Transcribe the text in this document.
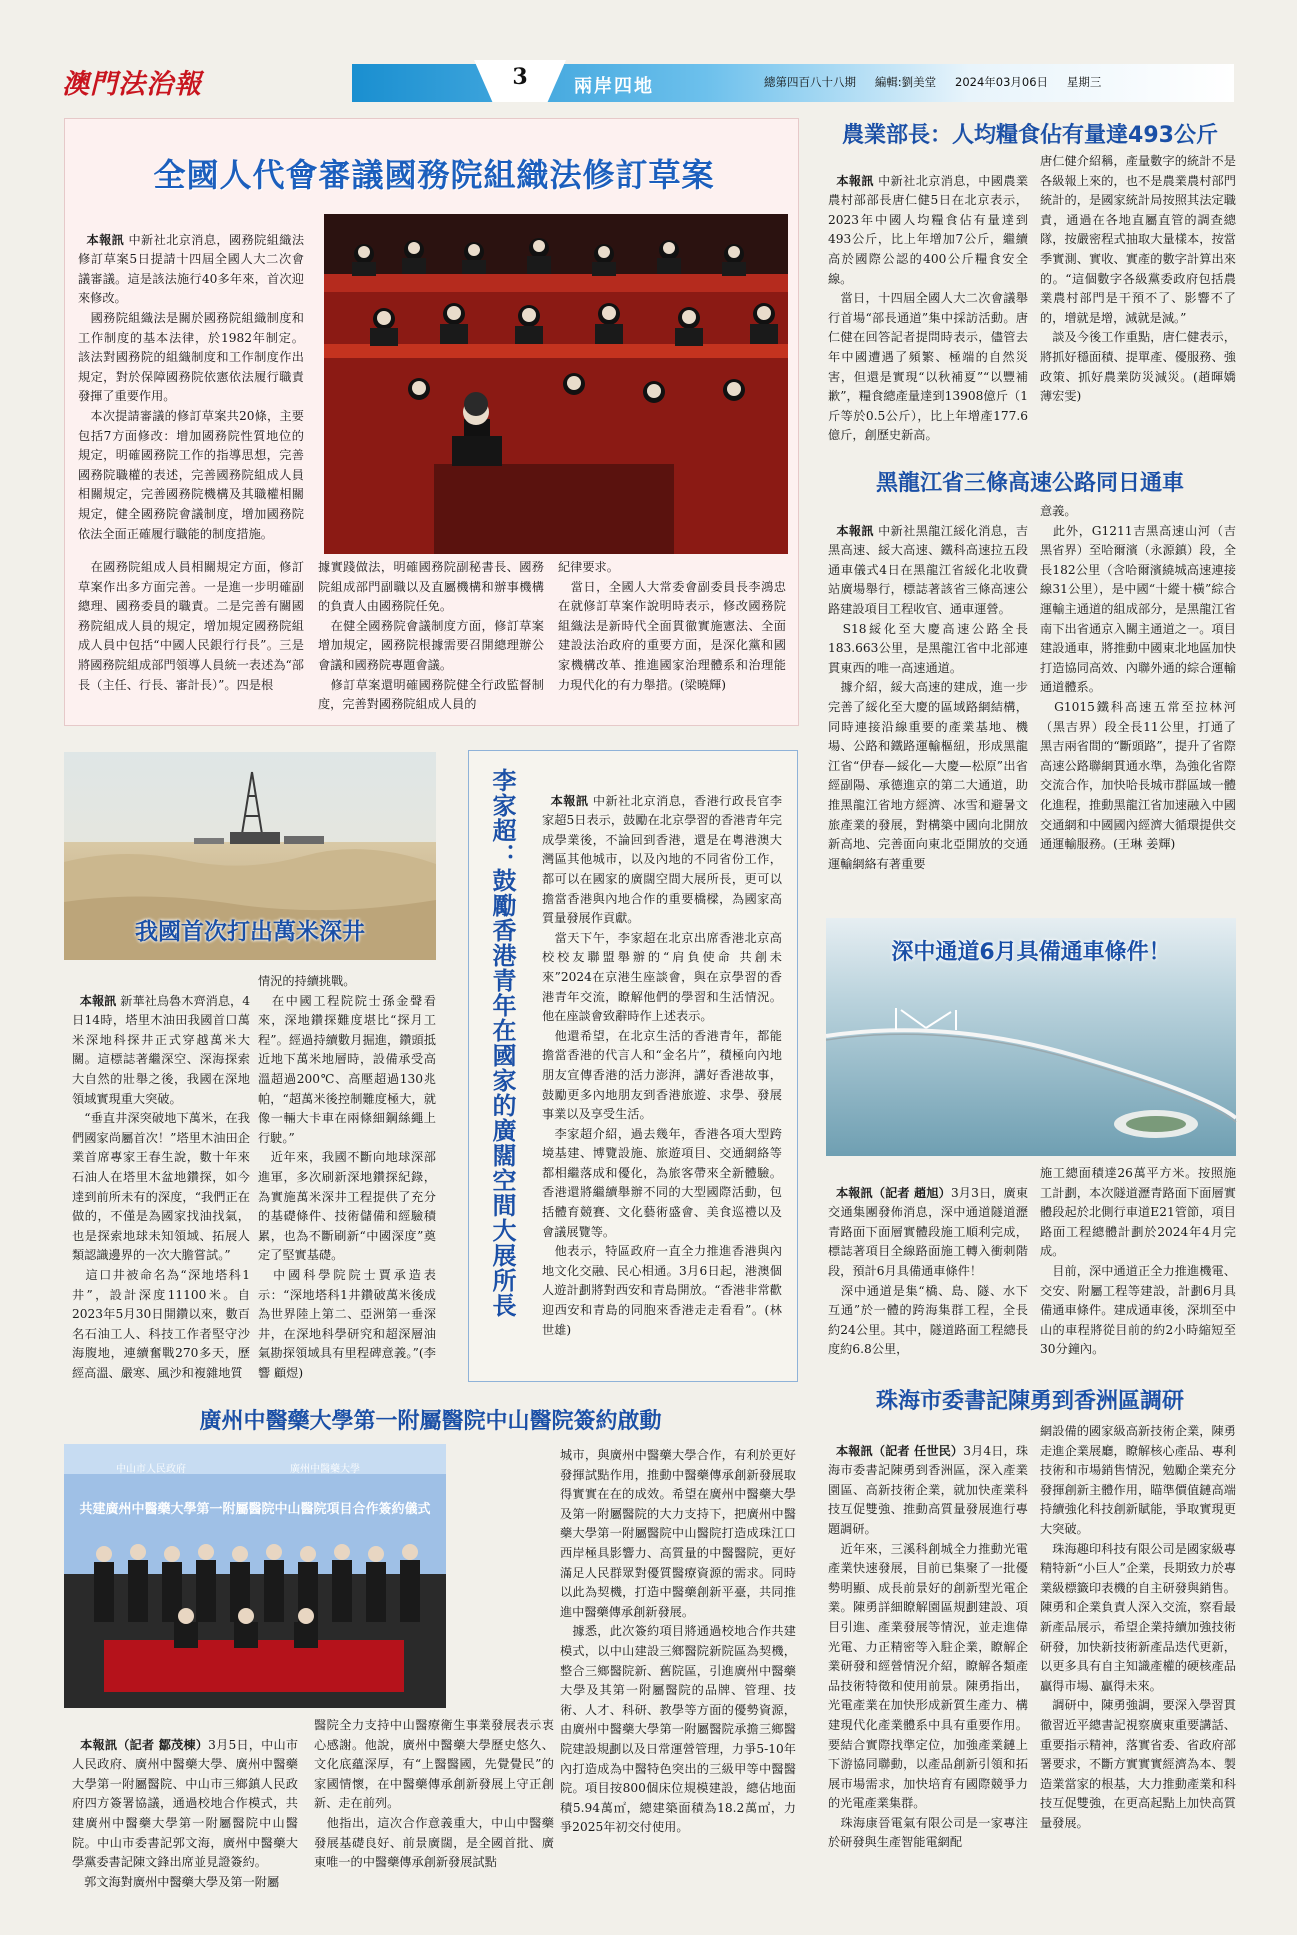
澳門法治報	3	兩岸四地	總第四百八十八期 　 編輯:劉美堂 　 2024年03月06日 　 星期三
全國人代會審議國務院組織法修訂草案

本報訊 中新社北京消息，國務院組織法修訂草案5日提請十四屆全國人大二次會議審議。這是該法施行40多年來，首次迎來修改。
　國務院組織法是關於國務院組織制度和工作制度的基本法律，於1982年制定。該法對國務院的組織制度和工作制度作出規定，對於保障國務院依憲依法履行職責發揮了重要作用。
　本次提請審議的修訂草案共20條，主要包括7方面修改：增加國務院性質地位的規定，明確國務院工作的指導思想，完善國務院職權的表述，完善國務院組成人員相關規定，完善國務院機構及其職權相關規定，健全國務院會議制度，增加國務院依法全面正確履行職能的制度措施。

　在國務院組成人員相關規定方面，修訂草案作出多方面完善。一是進一步明確副總理、國務委員的職責。二是完善有關國務院組成人員的規定，增加規定國務院組成人員中包括“中國人民銀行行長”。三是將國務院組成部門領導人員統一表述為“部長（主任、行長、審計長）”。四是根
據實踐做法，明確國務院副秘書長、國務院組成部門副職以及直屬機構和辦事機構的負責人由國務院任免。
　在健全國務院會議制度方面，修訂草案增加規定，國務院根據需要召開總理辦公會議和國務院專題會議。
　修訂草案還明確國務院健全行政監督制度，完善對國務院組成人員的
紀律要求。
　當日，全國人大常委會副委員長李鴻忠在就修訂草案作說明時表示，修改國務院組織法是新時代全面貫徹實施憲法、全面建設法治政府的重要方面，是深化黨和國家機構改革、推進國家治理體系和治理能力現代化的有力舉措。(梁曉輝)
我國首次打出萬米深井

本報訊 新華社烏魯木齊消息，4日14時，塔里木油田我國首口萬米深地科探井正式穿越萬米大關。這標誌著繼深空、深海探索大自然的壯舉之後，我國在深地領域實現重大突破。
　“垂直井深突破地下萬米，在我們國家尚屬首次！”塔里木油田企業首席專家王春生說，數十年來石油人在塔里木盆地鑽探，如今達到前所未有的深度，“我們正在做的，不僅是為國家找油找氣，也是探索地球未知領域、拓展人類認識邊界的一次大膽嘗試。”
　這口井被命名為“深地塔科1井”，設計深度11100米。自2023年5月30日開鑽以來，數百名石油工人、科技工作者堅守沙海腹地，連續奮戰270多天，歷經高溫、嚴寒、風沙和複雜地質

情況的持續挑戰。
　在中國工程院院士孫金聲看來，深地鑽探難度堪比“探月工程”。經過持續數月掘進，鑽頭抵近地下萬米地層時，設備承受高溫超過200℃、高壓超過130兆帕，“超萬米後控制難度極大，就像一輛大卡車在兩條細鋼絲繩上行駛。”
　近年來，我國不斷向地球深部進軍，多次刷新深地鑽探紀錄，為實施萬米深井工程提供了充分的基礎條件、技術儲備和經驗積累，也為不斷刷新“中國深度”奠定了堅實基礎。
　中國科學院院士賈承造表示：“深地塔科1井鑽破萬米後成為世界陸上第二、亞洲第一垂深井，在深地科學研究和超深層油氣勘探領域具有里程碑意義。”(李響 顧煜)
李家超：鼓勵香港青年在國家的廣闊空間大展所長	本報訊 中新社北京消息，香港行政長官李家超5日表示，鼓勵在北京學習的香港青年完成學業後，不論回到香港，還是在粵港澳大灣區其他城市，以及內地的不同省份工作，都可以在國家的廣闊空間大展所長，更可以擔當香港與內地合作的重要橋樑，為國家高質量發展作貢獻。
　當天下午，李家超在北京出席香港北京高校校友聯盟舉辦的“肩負使命 共創未來”2024在京港生座談會，與在京學習的香港青年交流，瞭解他們的學習和生活情況。他在座談會致辭時作上述表示。
　他還希望，在北京生活的香港青年，都能擔當香港的代言人和“金名片”，積極向內地朋友宣傳香港的活力澎湃，講好香港故事，鼓勵更多內地朋友到香港旅遊、求學、發展事業以及享受生活。
　李家超介紹，過去幾年，香港各項大型跨境基建、博覽設施、旅遊項目、交通網絡等都相繼落成和優化，為旅客帶來全新體驗。香港還將繼續舉辦不同的大型國際活動，包括體育競賽、文化藝術盛會、美食巡禮以及會議展覽等。
　他表示，特區政府一直全力推進香港與內地文化交融、民心相通。3月6日起，港澳個人遊計劃將對西安和青島開放。“香港非常歡迎西安和青島的同胞來香港走走看看”。(林世雄)

廣州中醫藥大學第一附屬醫院中山醫院簽約啟動
中山市人民政府	廣州中醫藥大學
共建廣州中醫藥大學第一附屬醫院中山醫院項目合作簽約儀式

本報訊（記者 鄒茂棟）3月5日，中山市人民政府、廣州中醫藥大學、廣州中醫藥大學第一附屬醫院、中山市三鄉鎮人民政府四方簽署協議，通過校地合作模式，共建廣州中醫藥大學第一附屬醫院中山醫院。中山市委書記郭文海，廣州中醫藥大學黨委書記陳文鋒出席並見證簽約。
　郭文海對廣州中醫藥大學及第一附屬

醫院全力支持中山醫療衛生事業發展表示衷心感謝。他說，廣州中醫藥大學歷史悠久、文化底蘊深厚，有“上醫醫國，先覺覺民”的家國情懷，在中醫藥傳承創新發展上守正創新、走在前列。
　他指出，這次合作意義重大，中山中醫藥發展基礎良好、前景廣闊，是全國首批、廣東唯一的中醫藥傳承創新發展試點
城市，與廣州中醫藥大學合作，有利於更好發揮試點作用，推動中醫藥傳承創新發展取得實實在在的成效。希望在廣州中醫藥大學及第一附屬醫院的大力支持下，把廣州中醫藥大學第一附屬醫院中山醫院打造成珠江口西岸極具影響力、高質量的中醫醫院，更好滿足人民群眾對優質醫療資源的需求。同時以此為契機，打造中醫藥創新平臺，共同推進中醫藥傳承創新發展。
　據悉，此次簽約項目將通過校地合作共建模式，以中山建設三鄉醫院新院區為契機，整合三鄉醫院新、舊院區，引進廣州中醫藥大學及其第一附屬醫院的品牌、管理、技術、人才、科研、教學等方面的優勢資源，由廣州中醫藥大學第一附屬醫院承擔三鄉醫院建設規劃以及日常運營管理，力爭5-10年內打造成為中醫特色突出的三級甲等中醫醫院。項目按800個床位規模建設，總佔地面積5.94萬㎡，總建築面積為18.2萬㎡，力爭2025年初交付使用。
農業部長：人均糧食佔有量達493公斤

本報訊 中新社北京消息，中國農業農村部部長唐仁健5日在北京表示，2023年中國人均糧食佔有量達到493公斤，比上年增加7公斤，繼續高於國際公認的400公斤糧食安全線。
　當日，十四屆全國人大二次會議舉行首場“部長通道”集中採訪活動。唐仁健在回答記者提問時表示，儘管去年中國遭遇了頻繁、極端的自然災害，但還是實現“以秋補夏”“以豐補歉”，糧食總產量達到13908億斤（1斤等於0.5公斤），比上年增產177.6億斤，創歷史新高。

唐仁健介紹稱，產量數字的統計不是各級報上來的，也不是農業農村部門統計的，是國家統計局按照其法定職責，通過在各地直屬直管的調查總隊，按嚴密程式抽取大量樣本，按當季實測、實收、實產的數字計算出來的。“這個數字各級黨委政府包括農業農村部門是干預不了、影響不了的，增就是增，減就是減。”
　談及今後工作重點，唐仁健表示，將抓好穩面積、提單產、優服務、強政策、抓好農業防災減災。(趙暉嬌 薄宏雯)
黑龍江省三條高速公路同日通車

本報訊 中新社黑龍江綏化消息，吉黑高速、綏大高速、鐵科高速拉五段通車儀式4日在黑龍江省綏化北收費站廣場舉行，標誌著該省三條高速公路建設項目工程收官、通車運營。
　S18綏化至大慶高速公路全長183.663公里，是黑龍江省中北部連貫東西的唯一高速通道。
　據介紹，綏大高速的建成，進一步完善了綏化至大慶的區域路網結構，同時連接沿線重要的產業基地、機場、公路和鐵路運輸樞紐，形成黑龍江省“伊春—綏化—大慶—松原”出省經副陽、承德進京的第二大通道，助推黑龍江省地方經濟、冰雪和避暑文旅產業的發展，對構築中國向北開放新高地、完善面向東北亞開放的交通運輸網絡有著重要

意義。
　此外，G1211吉黑高速山河（吉黑省界）至哈爾濱（永源鎮）段，全長182公里（含哈爾濱繞城高速連接線31公里），是中國“十縱十橫”綜合運輸主通道的組成部分，是黑龍江省南下出省通京入關主通道之一。項目建設通車，將推動中國東北地區加快打造協同高效、內聯外通的綜合運輸通道體系。
　G1015鐵科高速五常至拉林河（黑吉界）段全長11公里，打通了黑吉兩省間的“斷頭路”，提升了省際高速公路聯網貫通水準，為強化省際交流合作，加快哈長城市群區域一體化進程，推動黑龍江省加速融入中國交通網和中國國內經濟大循環提供交通運輸服務。(王琳 姜輝)
深中通道6月具備通車條件！

本報訊（記者 趙旭）3月3日，廣東交通集團發佈消息，深中通道隧道瀝青路面下面層實體段施工順利完成，標誌著項目全線路面施工轉入衝刺階段，預計6月具備通車條件！
　深中通道是集“橋、島、隧、水下互通”於一體的跨海集群工程，全長約24公里。其中，隧道路面工程總長度約6.8公里，

施工總面積達26萬平方米。按照施工計劃，本次隧道瀝青路面下面層實體段起於北側行車道E21管節，項目路面工程總體計劃於2024年4月完成。
　目前，深中通道正全力推進機電、交安、附屬工程等建設，計劃6月具備通車條件。建成通車後，深圳至中山的車程將從目前的約2小時縮短至30分鐘內。
珠海市委書記陳勇到香洲區調研

本報訊（記者 任世民）3月4日，珠海市委書記陳勇到香洲區，深入產業園區、高新技術企業，就加快產業科技互促雙強、推動高質量發展進行專題調研。
　近年來，三溪科創城全力推動光電產業快速發展，目前已集聚了一批優勢明顯、成長前景好的創新型光電企業。陳勇詳細瞭解園區規劃建設、項目引進、產業發展等情況，並走進偉光電、力正精密等入駐企業，瞭解企業研發和經營情況介紹，瞭解各類產品技術特徵和使用前景。陳勇指出，光電產業在加快形成新質生產力、構建現代化產業體系中具有重要作用。要結合實際找準定位，加強產業鏈上下游協同聯動，以產品創新引領和拓展市場需求，加快培育有國際競爭力的光電產業集群。
　珠海康晉電氣有限公司是一家專注於研發與生產智能電網配

網設備的國家級高新技術企業，陳勇走進企業展廳，瞭解核心產品、專利技術和市場銷售情況，勉勵企業充分發揮創新主體作用，瞄準價值鏈高端持續強化科技創新賦能，爭取實現更大突破。
　珠海趣印科技有限公司是國家級專精特新“小巨人”企業，長期致力於專業級標籤印表機的自主研發與銷售。陳勇和企業負責人深入交流，察看最新產品展示，希望企業持續加強技術研發，加快新技術新產品迭代更新，以更多具有自主知識產權的硬核產品贏得市場、贏得未來。
　調研中，陳勇強調，要深入學習貫徹習近平總書記視察廣東重要講話、重要指示精神，落實省委、省政府部署要求，不斷方實實實經濟為本、製造業當家的根基，大力推動產業和科技互促雙強，在更高起點上加快高質量發展。
